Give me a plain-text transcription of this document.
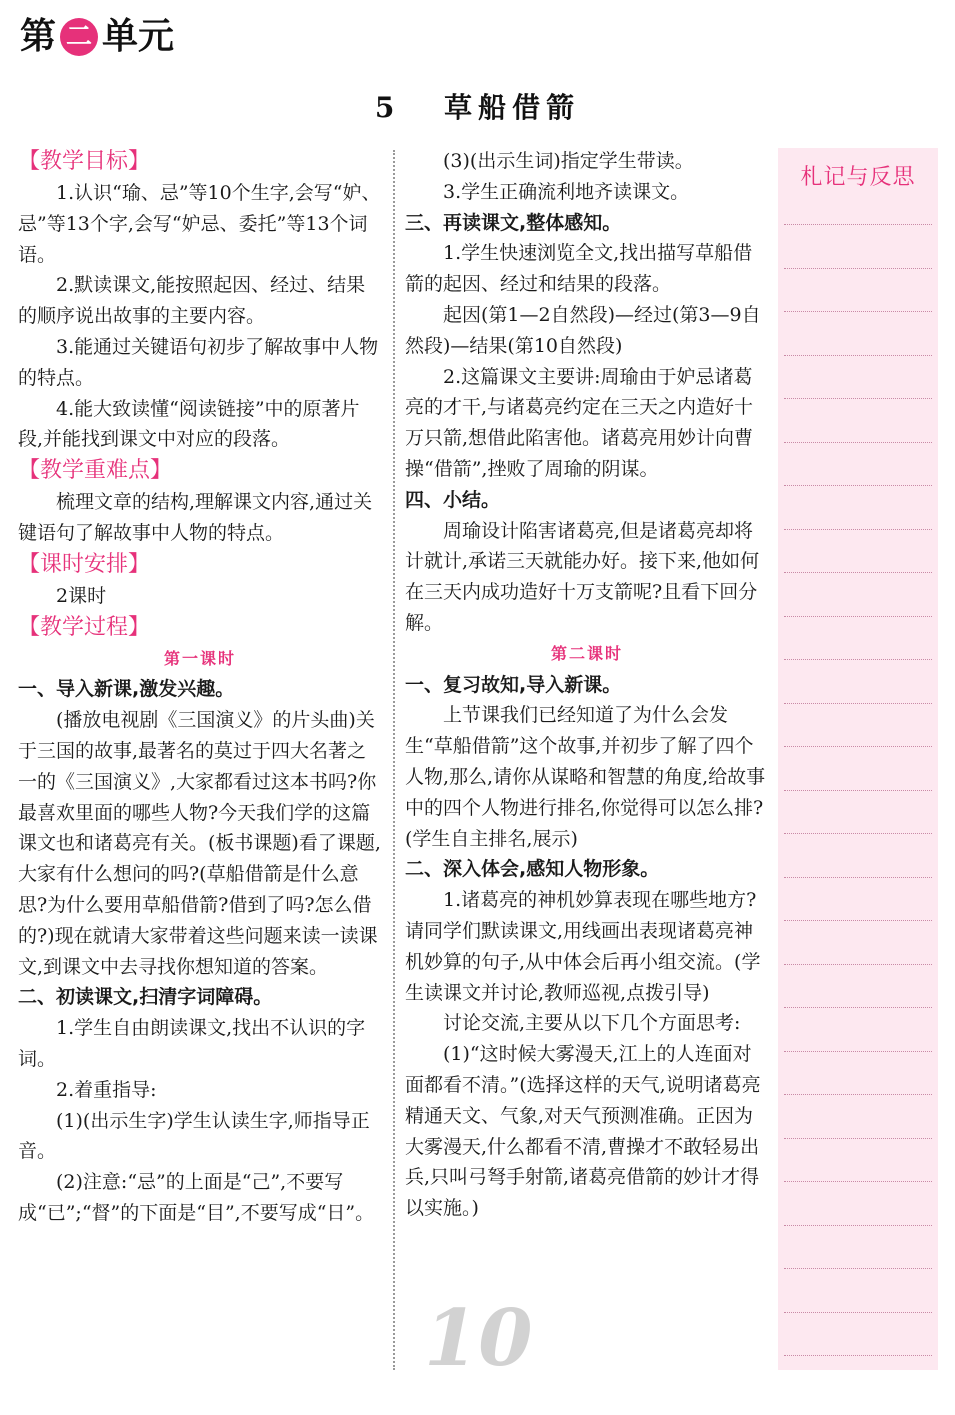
第 二 单元
5 草船借箭

【教学目标】

1.认识“瑜、忌”等10个生字,会写“妒、忌”等13个字,会写“妒忌、委托”等13个词语。

2.默读课文,能按照起因、经过、结果的顺序说出故事的主要内容。

3.能通过关键语句初步了解故事中人物的特点。

4.能大致读懂“阅读链接”中的原著片段,并能找到课文中对应的段落。

【教学重难点】

梳理文章的结构,理解课文内容,通过关键语句了解故事中人物的特点。

【课时安排】

2课时

【教学过程】

第一课时

一、导入新课,激发兴趣。

(播放电视剧《三国演义》的片头曲)关于三国的故事,最著名的莫过于四大名著之一的《三国演义》,大家都看过这本书吗?你最喜欢里面的哪些人物?今天我们学的这篇课文也和诸葛亮有关。(板书课题)看了课题,大家有什么想问的吗?(草船借箭是什么意思?为什么要用草船借箭?借到了吗?怎么借的?)现在就请大家带着这些问题来读一读课文,到课文中去寻找你想知道的答案。

二、初读课文,扫清字词障碍。

1.学生自由朗读课文,找出不认识的字词。

2.着重指导:

(1)(出示生字)学生认读生字,师指导正音。

(2)注意:“忌”的上面是“己”,不要写成“已”;“督”的下面是“目”,不要写成“日”。

(3)(出示生词)指定学生带读。

3.学生正确流利地齐读课文。

三、再读课文,整体感知。

1.学生快速浏览全文,找出描写草船借箭的起因、经过和结果的段落。

起因(第1—2自然段)—经过(第3—9自然段)—结果(第10自然段)

2.这篇课文主要讲:周瑜由于妒忌诸葛亮的才干,与诸葛亮约定在三天之内造好十万只箭,想借此陷害他。诸葛亮用妙计向曹操“借箭”,挫败了周瑜的阴谋。

四、小结。

周瑜设计陷害诸葛亮,但是诸葛亮却将计就计,承诺三天就能办好。接下来,他如何在三天内成功造好十万支箭呢?且看下回分解。

第二课时

一、复习故知,导入新课。

上节课我们已经知道了为什么会发生“草船借箭”这个故事,并初步了解了四个人物,那么,请你从谋略和智慧的角度,给故事中的四个人物进行排名,你觉得可以怎么排?(学生自主排名,展示)

二、深入体会,感知人物形象。

1.诸葛亮的神机妙算表现在哪些地方?请同学们默读课文,用线画出表现诸葛亮神机妙算的句子,从中体会后再小组交流。(学生读课文并讨论,教师巡视,点拨引导)

讨论交流,主要从以下几个方面思考:

(1)“这时候大雾漫天,江上的人连面对面都看不清。”(选择这样的天气,说明诸葛亮精通天文、气象,对天气预测准确。正因为大雾漫天,什么都看不清,曹操才不敢轻易出兵,只叫弓弩手射箭,诸葛亮借箭的妙计才得以实施。)

札记与反思
10
